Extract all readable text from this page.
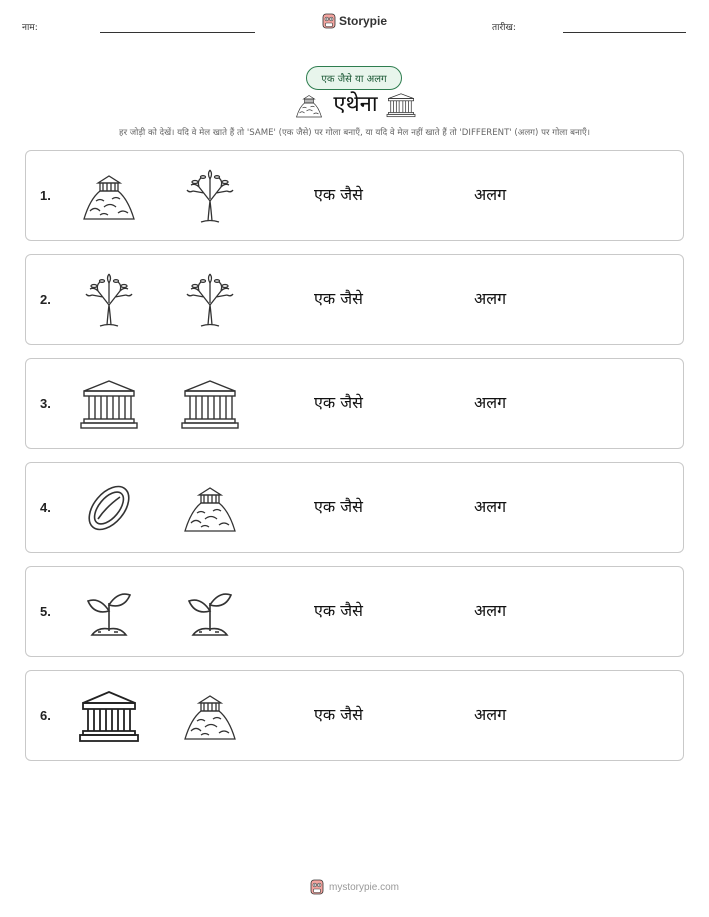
नाम:	Storypie	तारीख:
एक जैसे या अलग
एथेना
हर जोड़ी को देखें। यदि वे मेल खाते हैं तो 'SAME' (एक जैसे) पर गोला बनाएँ, या यदि वे मेल नहीं खाते हैं तो 'DIFFERENT' (अलग) पर गोला बनाएँ।
1.	एक जैसे	अलग
2.	एक जैसे	अलग
3.	एक जैसे	अलग
4.	एक जैसे	अलग
5.	एक जैसे	अलग
6.	एक जैसे	अलग
mystorypie.com
